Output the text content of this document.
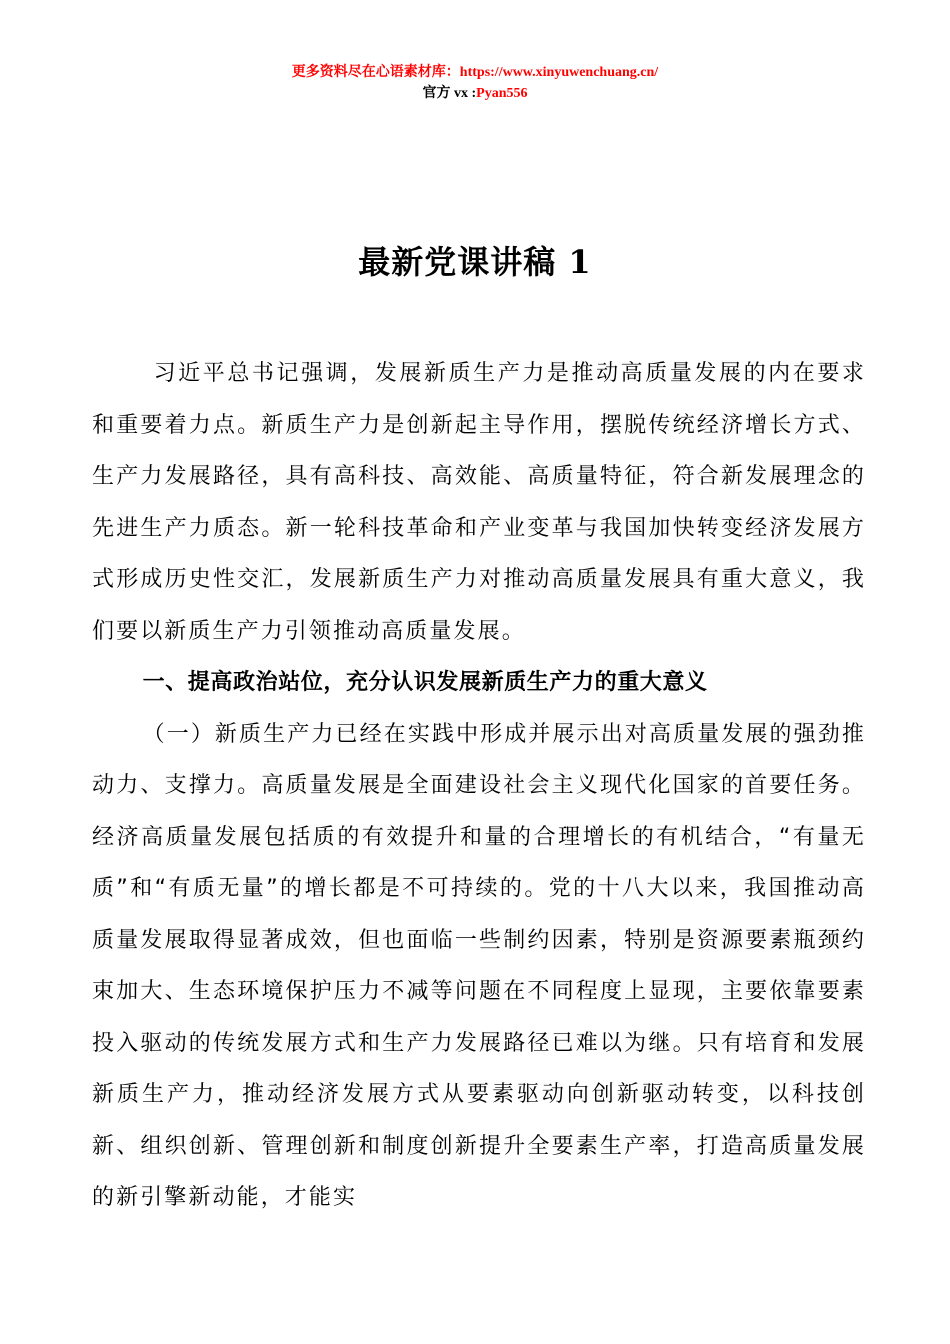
更多资料尽在心语素材库：https://www.xinyuwenchuang.cn/
官方 vx :Pyan556
最新党课讲稿 1

习近平总书记强调，发展新质生产力是推动高质量发展的内在要求和重要着力点。新质生产力是创新起主导作用，摆脱传统经济增长方式、生产力发展路径，具有高科技、高效能、高质量特征，符合新发展理念的先进生产力质态。新一轮科技革命和产业变革与我国加快转变经济发展方式形成历史性交汇，发展新质生产力对推动高质量发展具有重大意义，我们要以新质生产力引领推动高质量发展。

一、提高政治站位，充分认识发展新质生产力的重大意义

（一）新质生产力已经在实践中形成并展示出对高质量发展的强劲推动力、支撑力。高质量发展是全面建设社会主义现代化国家的首要任务。经济高质量发展包括质的有效提升和量的合理增长的有机结合，“有量无质”和“有质无量”的增长都是不可持续的。党的十八大以来，我国推动高质量发展取得显著成效，但也面临一些制约因素，特别是资源要素瓶颈约束加大、生态环境保护压力不减等问题在不同程度上显现，主要依靠要素投入驱动的传统发展方式和生产力发展路径已难以为继。只有培育和发展新质生产力，推动经济发展方式从要素驱动向创新驱动转变，以科技创新、组织创新、管理创新和制度创新提升全要素生产率，打造高质量发展的新引擎新动能，才能实
